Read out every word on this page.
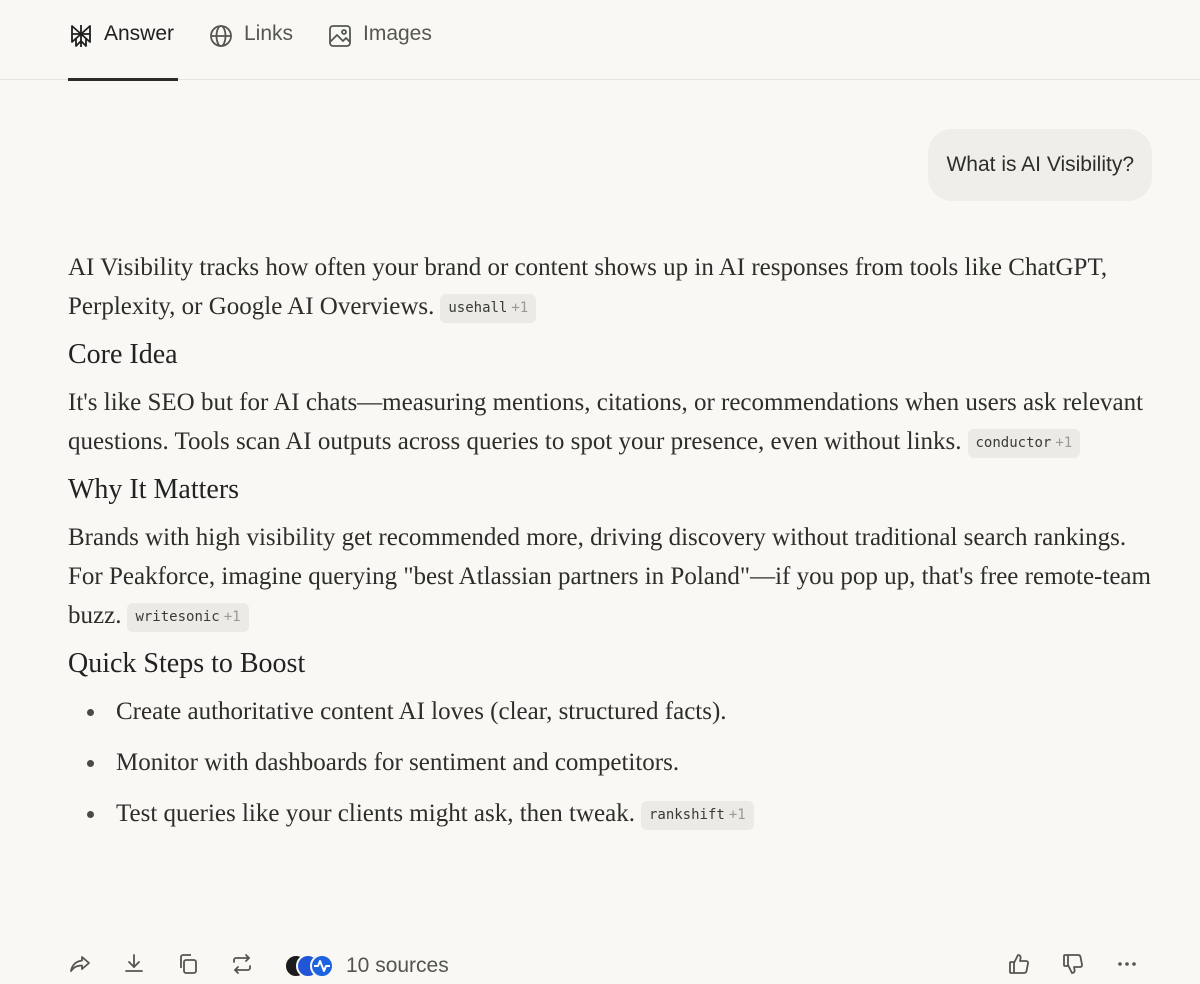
Answer	Links	Images
What is AI Visibility?

AI Visibility tracks how often your brand or content shows up in AI responses from tools like ChatGPT, Perplexity, or Google AI Overviews. usehall +1

Core Idea

It's like SEO but for AI chats—measuring mentions, citations, or recommendations when users ask relevant questions. Tools scan AI outputs across queries to spot your presence, even without links. conductor +1

Why It Matters

Brands with high visibility get recommended more, driving discovery without traditional search rankings. For Peakforce, imagine querying "best Atlassian partners in Poland"—if you pop up, that's free remote-team buzz. writesonic +1

Quick Steps to Boost
Create authoritative content AI loves (clear, structured facts).
Monitor with dashboards for sentiment and competitors.
Test queries like your clients might ask, then tweak. rankshift +1
10 sources
